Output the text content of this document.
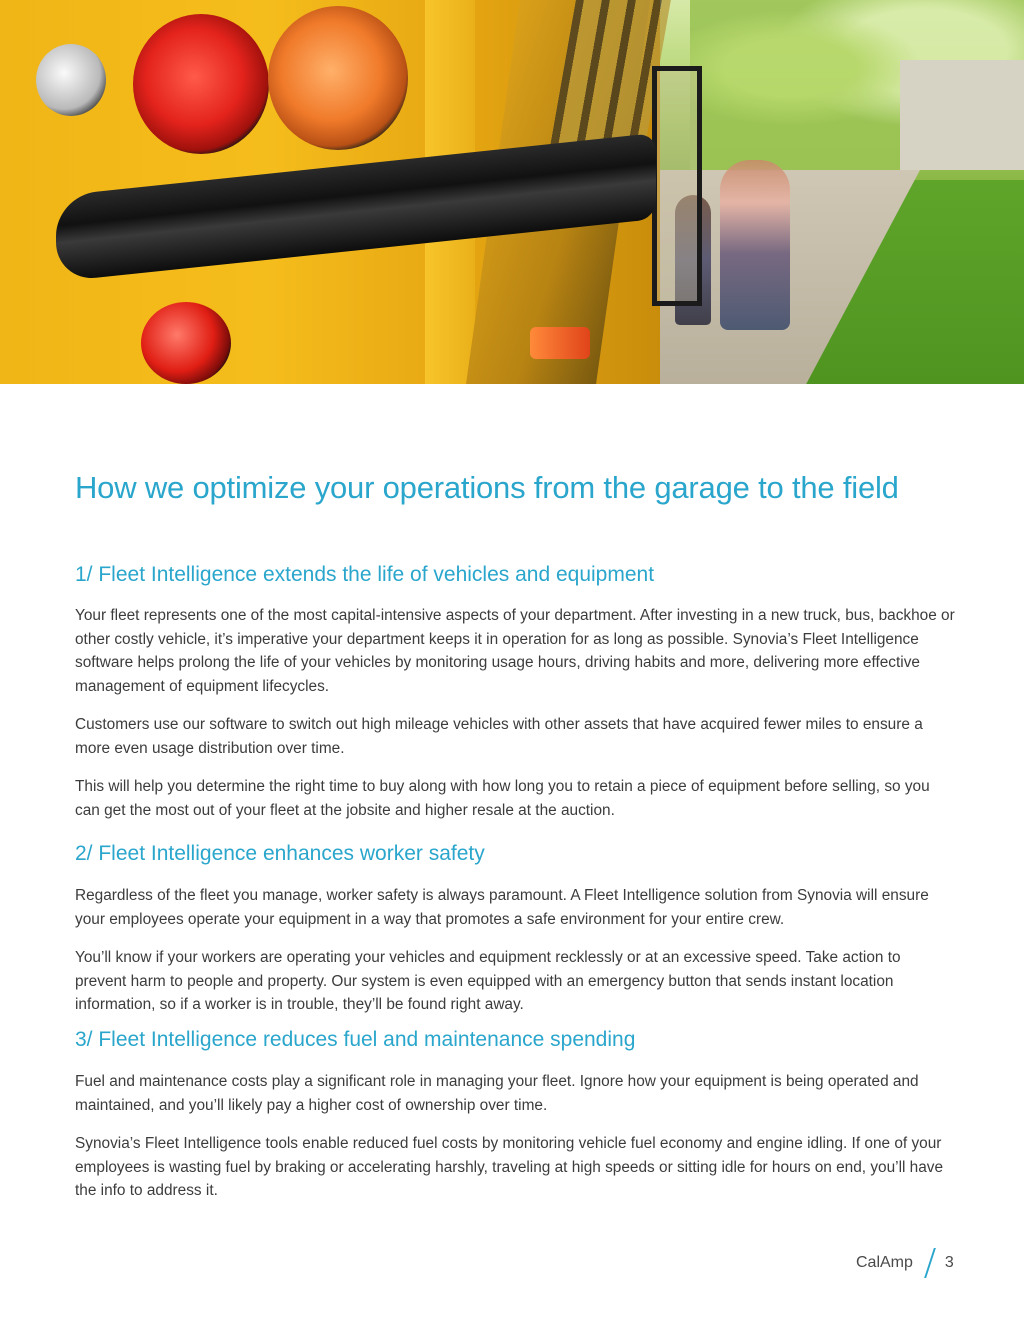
How we optimize your operations from the garage to the field
1/ Fleet Intelligence extends the life of vehicles and equipment

Your fleet represents one of the most capital-intensive aspects of your department. After investing in a new truck, bus, backhoe or other costly vehicle, it’s imperative your department keeps it in operation for as long as possible. Synovia’s Fleet Intelligence software helps prolong the life of your vehicles by monitoring usage hours, driving habits and more, delivering more effective management of equipment lifecycles.

Customers use our software to switch out high mileage vehicles with other assets that have acquired fewer miles to ensure a more even usage distribution over time.

This will help you determine the right time to buy along with how long you to retain a piece of equipment before selling, so you can get the most out of your fleet at the jobsite and higher resale at the auction.

2/ Fleet Intelligence enhances worker safety

Regardless of the fleet you manage, worker safety is always paramount. A Fleet Intelligence solution from Synovia will ensure your employees operate your equipment in a way that promotes a safe environment for your entire crew.

You’ll know if your workers are operating your vehicles and equipment recklessly or at an excessive speed. Take action to prevent harm to people and property. Our system is even equipped with an emergency button that sends instant location information, so if a worker is in trouble, they’ll be found right away.

3/ Fleet Intelligence reduces fuel and maintenance spending

Fuel and maintenance costs play a significant role in managing your fleet. Ignore how your equipment is being operated and maintained, and you’ll likely pay a higher cost of ownership over time.

Synovia’s Fleet Intelligence tools enable reduced fuel costs by monitoring vehicle fuel economy and engine idling. If one of your employees is wasting fuel by braking or accelerating harshly, traveling at high speeds or sitting idle for hours on end, you’ll have the info to address it.

CalAmp 3
